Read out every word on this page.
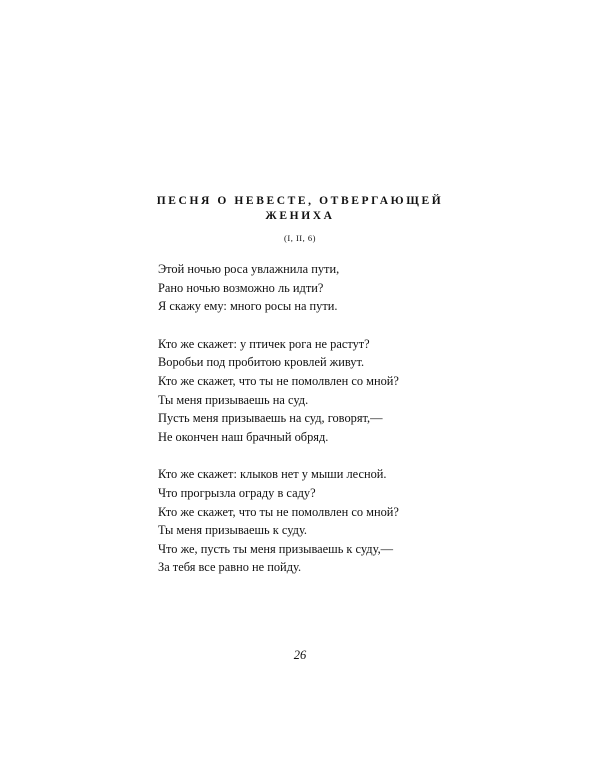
ПЕСНЯ О НЕВЕСТЕ, ОТВЕРГАЮЩЕЙ
ЖЕНИХА
(I, II, 6)
Этой ночью роса увлажнила пути,
Рано ночью возможно ль идти?
Я скажу ему: много росы на пути.
Кто же скажет: у птичек рога не растут?
Воробьи под пробитою кровлей живут.
Кто же скажет, что ты не помолвлен со мной?
Ты меня призываешь на суд.
Пусть меня призываешь на суд, говорят,—
Не окончен наш брачный обряд.
Кто же скажет: клыков нет у мыши лесной.
Что прогрызла ограду в саду?
Кто же скажет, что ты не помолвлен со мной?
Ты меня призываешь к суду.
Что же, пусть ты меня призываешь к суду,—
За тебя все равно не пойду.
26
